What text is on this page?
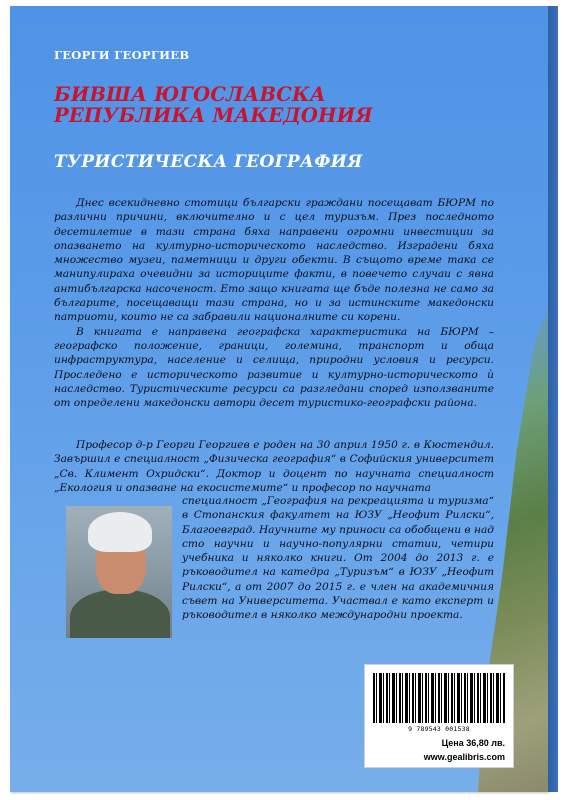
ГЕОРГИ ГЕОРГИЕВ
БИВША ЮГОСЛАВСКА
РЕПУБЛИКА МАКЕДОНИЯ
ТУРИСТИЧЕСКА ГЕОГРАФИЯ

Днес всекидневно стотици български граждани посещават БЮРМ по различни причини, включително и с цел туризъм. През последното десетилетие в тази страна бяха направени огромни инвестиции за опазването на културно-историческото наследство. Изградени бяха множество музеи, паметници и други обекти. В същото време така се манипулираха очевидни за историците факти, в повечето случаи с явна антибългарска насоченост. Ето защо книгата ще бъде полезна не само за българите, посещаващи тази страна, но и за истинските македонски патриоти, които не са забравили националните си корени.

В книгата е направена географска характеристика на БЮРМ – географско положение, граници, големина, транспорт и обща инфраструктура, население и селища, природни условия и ресурси. Проследено е историческото развитие и културно-историческото ѝ наследство. Туристическите ресурси са разгледани според използваните от определени македонски автори десет туристико-географски района.

Професор д-р Георги Георгиев е роден на 30 април 1950 г. в Кюстендил. Завършил е специалност „Физическа география“ в Софийския университет „Св. Климент Охридски“. Доктор и доцент по научната специалност „Екология и опазване на екосистемите“ и професор по научната

специалност „География на рекреацията и туризма“ в Стопанския факултет на ЮЗУ „Неофит Рилски“, Благоевград. Научните му приноси са обобщени в над сто научни и научно-популярни статии, четири учебника и няколко книги. От 2004 до 2013 г. е ръководител на катедра „Туризъм“ в ЮЗУ „Неофит Рилски“, а от 2007 до 2015 г. е член на академичния съвет на Университета. Участвал е като експерт и ръководител в няколко международни проекта.
9 789543 001538
Цена 36,80 лв.
www.gealibris.com
